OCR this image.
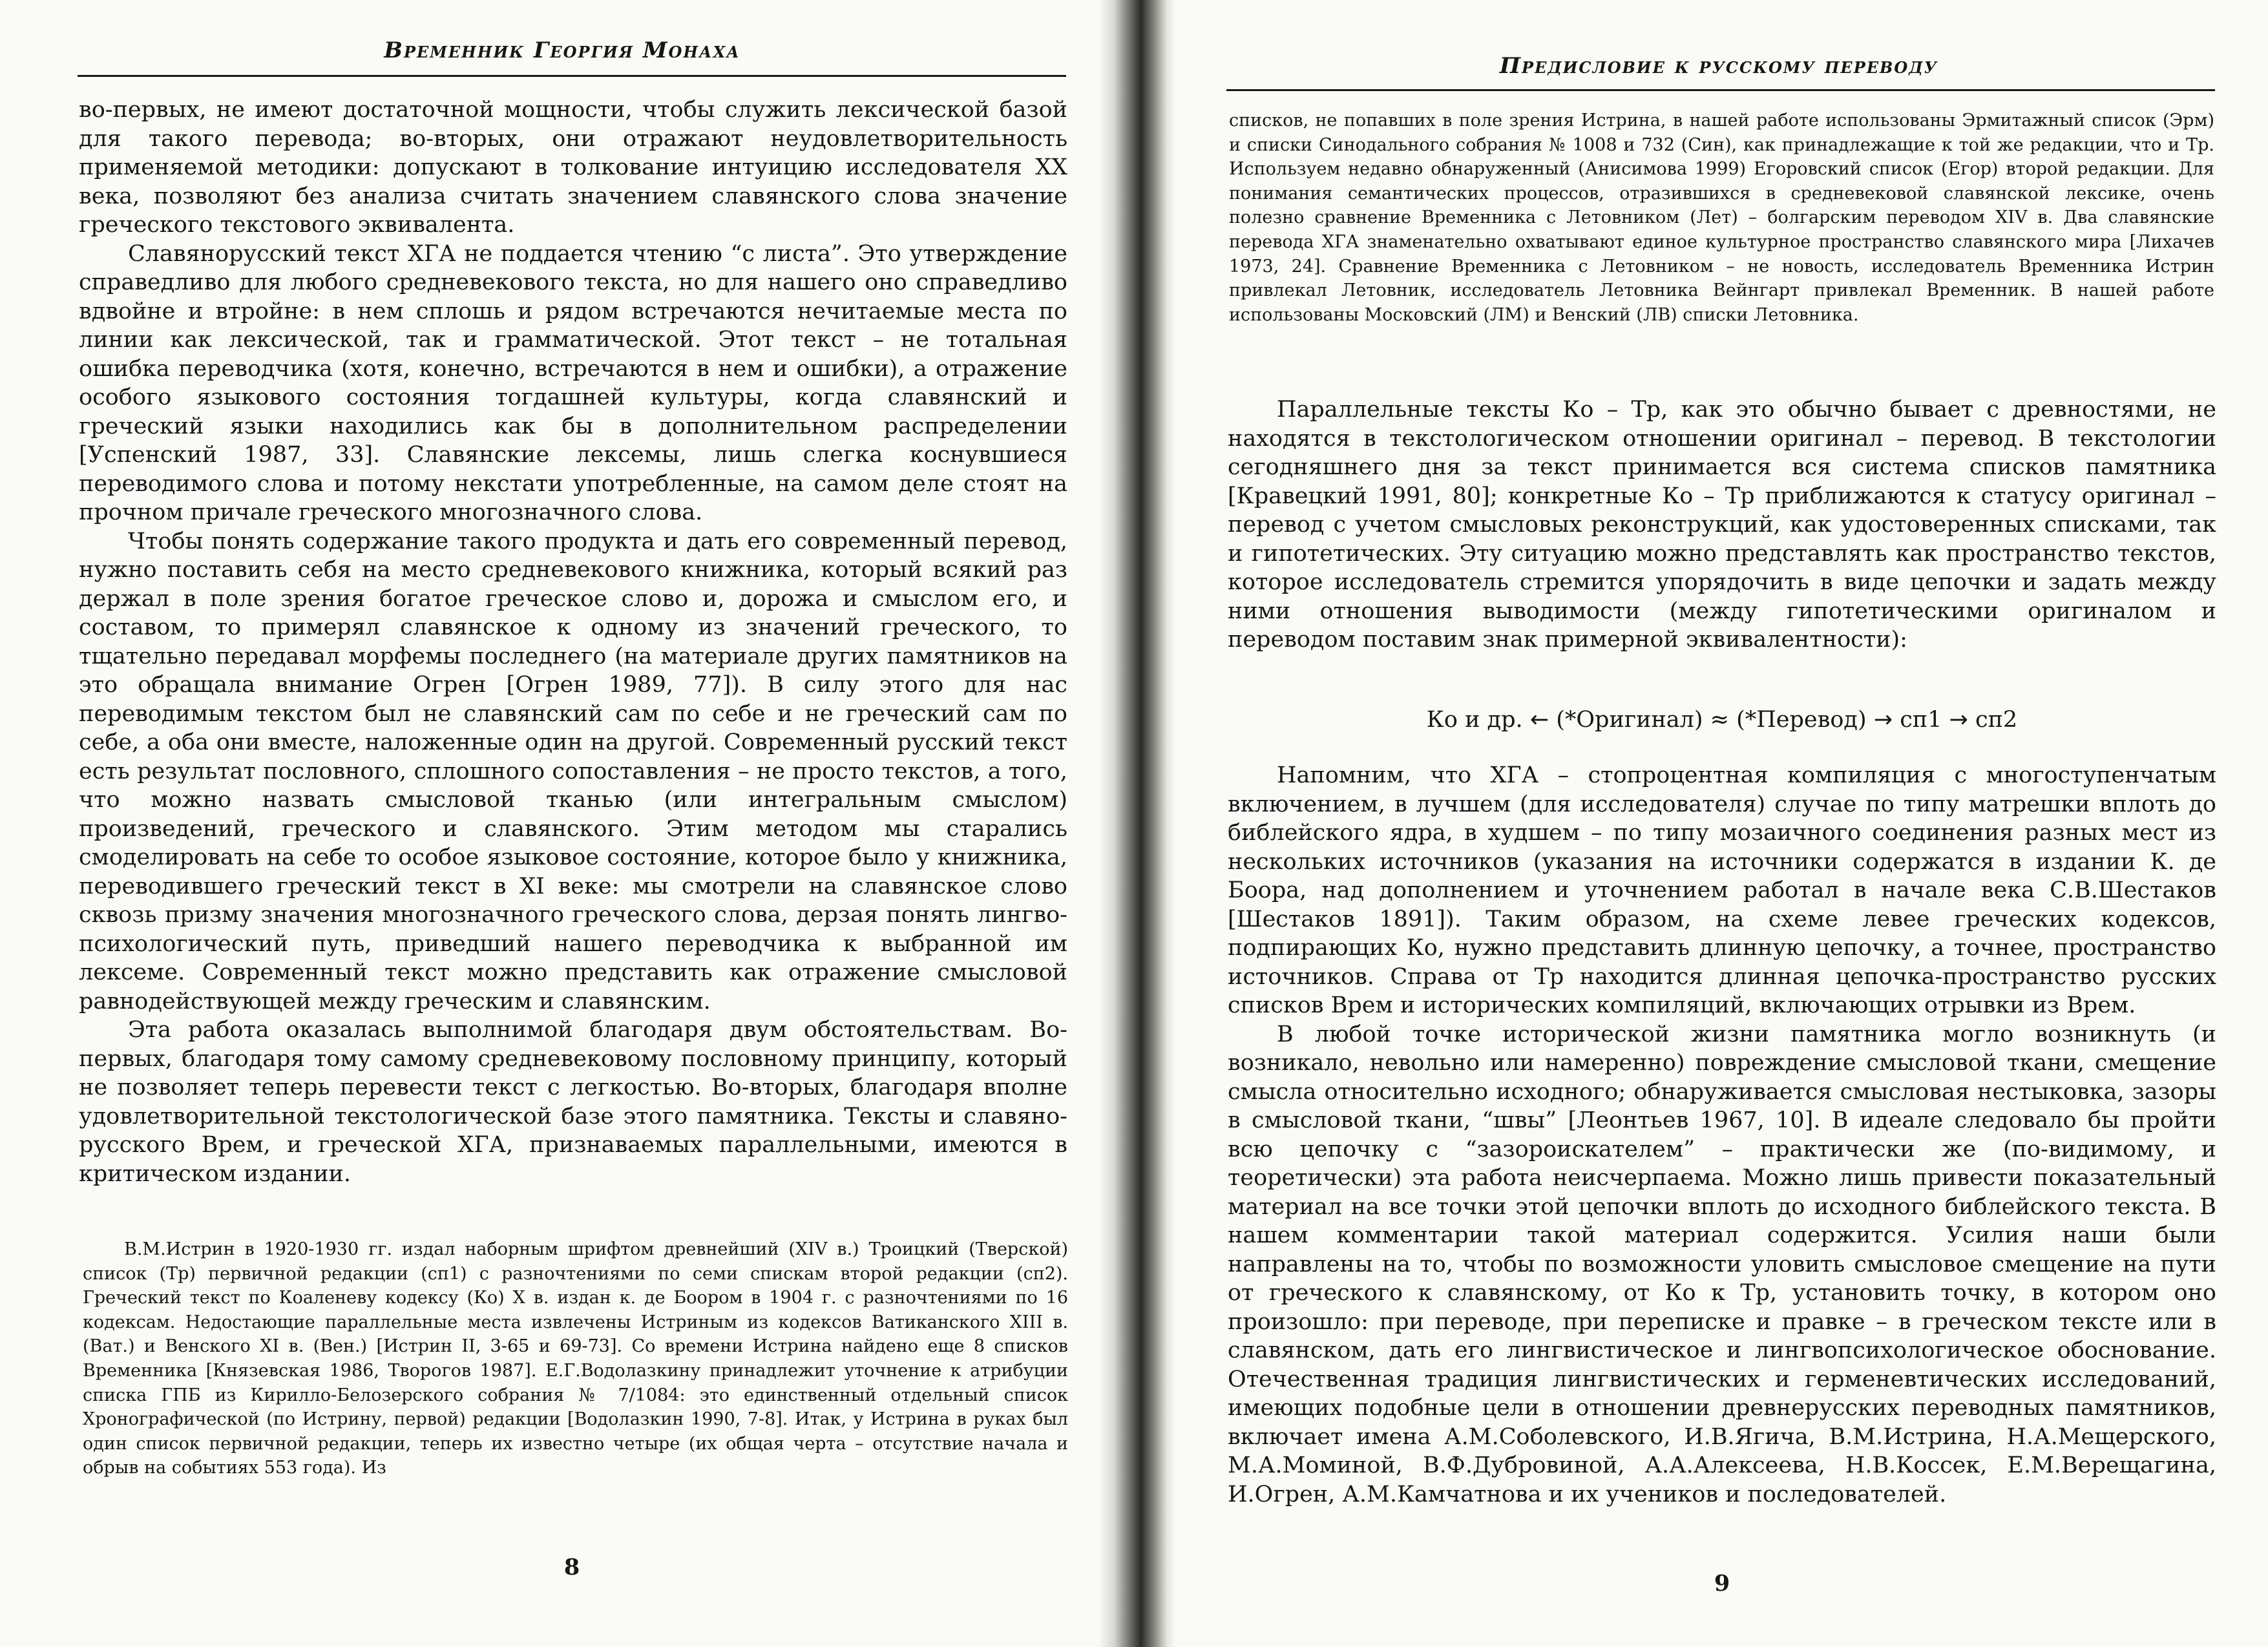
Временник Георгия Монаха

во-первых, не имеют достаточной мощности, чтобы служить лексической базой для такого перевода; во-вторых, они отражают неудовлетворительность применяемой методики: допускают в толкование интуицию исследователя XX века, позволяют без анализа считать значением славянского слова значение греческого текстового эквивалента.

Славянорусский текст ХГА не поддается чтению “с листа”. Это утверждение справедливо для любого средневекового текста, но для нашего оно справедливо вдвойне и втройне: в нем сплошь и рядом встречаются нечитаемые места по линии как лексической, так и грамматической. Этот текст – не тотальная ошибка переводчика (хотя, конечно, встречаются в нем и ошибки), а отражение особого языкового состояния тогдашней культуры, когда славянский и греческий языки находились как бы в дополнительном распределении [Успенский 1987, 33]. Славянские лексемы, лишь слегка коснувшиеся переводимого слова и потому некстати употребленные, на самом деле стоят на прочном причале греческого многозначного слова.

Чтобы понять содержание такого продукта и дать его современный перевод, нужно поставить себя на место средневекового книжника, который всякий раз держал в поле зрения богатое греческое слово и, дорожа и смыслом его, и составом, то примерял славянское к одному из значений греческого, то тщательно передавал морфемы последнего (на материале других памятников на это обращала внимание Огрен [Огрен 1989, 77]). В силу этого для нас переводимым текстом был не славянский сам по себе и не греческий сам по себе, а оба они вместе, наложенные один на другой. Современный русский текст есть результат пословного, сплошного сопоставления – не просто текстов, а того, что можно назвать смысловой тканью (или интегральным смыслом) произведений, греческого и славянского. Этим методом мы старались смоделировать на себе то особое языковое состояние, которое было у книжника, переводившего греческий текст в XI веке: мы смотрели на славянское слово сквозь призму значения многозначного греческого слова, дерзая понять лингво-психологический путь, приведший нашего переводчика к выбранной им лексеме. Современный текст можно представить как отражение смысловой равнодействующей между греческим и славянским.

Эта работа оказалась выполнимой благодаря двум обстоятельствам. Во-первых, благодаря тому самому средневековому пословному принципу, который не позволяет теперь перевести текст с легкостью. Во-вторых, благодаря вполне удовлетворительной текстологической базе этого памятника. Тексты и славяно-русского Врем, и греческой ХГА, признаваемых параллельными, имеются в критическом издании.

В.М.Истрин в 1920-1930 гг. издал наборным шрифтом древнейший (XIV в.) Троицкий (Тверской) список (Тр) первичной редакции (сп1) с разночтениями по семи спискам второй редакции (сп2). Греческий текст по Коаленеву кодексу (Ко) X в. издан к. де Боором в 1904 г. с разночтениями по 16 кодексам. Недостающие параллельные места извлечены Истриным из кодексов Ватиканского XIII в. (Ват.) и Венского XI в. (Вен.) [Истрин II, 3-65 и 69-73]. Со времени Истрина найдено еще 8 списков Временника [Князевская 1986, Творогов 1987]. Е.Г.Водолазкину принадлежит уточнение к атрибуции списка ГПБ из Кирилло-Белозерского собрания № 7/1084: это единственный отдельный список Хронографической (по Истрину, первой) редакции [Водолазкин 1990, 7-8]. Итак, у Истрина в руках был один список первичной редакции, теперь их известно четыре (их общая черта – отсутствие начала и обрыв на событиях 553 года). Из

8
Предисловие к русскому переводу

списков, не попавших в поле зрения Истрина, в нашей работе использованы Эрмитажный список (Эрм) и списки Синодального собрания № 1008 и 732 (Син), как принадлежащие к той же редакции, что и Тр. Используем недавно обнаруженный (Анисимова 1999) Егоровский список (Егор) второй редакции. Для понимания семантических процессов, отразившихся в средневековой славянской лексике, очень полезно сравнение Временника с Летовником (Лет) – болгарским переводом XIV в. Два славянские перевода ХГА знаменательно охватывают единое культурное пространство славянского мира [Лихачев 1973, 24]. Сравнение Временника с Летовником – не новость, исследователь Временника Истрин привлекал Летовник, исследователь Летовника Вейнгарт привлекал Временник. В нашей работе использованы Московский (ЛМ) и Венский (ЛВ) списки Летовника.

Параллельные тексты Ко – Тр, как это обычно бывает с древностями, не находятся в текстологическом отношении оригинал – перевод. В текстологии сегодняшнего дня за текст принимается вся система списков памятника [Кравецкий 1991, 80]; конкретные Ко – Тр приближаются к статусу оригинал – перевод с учетом смысловых реконструкций, как удостоверенных списками, так и гипотетических. Эту ситуацию можно представлять как пространство текстов, которое исследователь стремится упорядочить в виде цепочки и задать между ними отношения выводимости (между гипотетическими оригиналом и переводом поставим знак примерной эквивалентности):

Ко и др. ← (*Оригинал) ≈ (*Перевод) → сп1 → сп2

Напомним, что ХГА – стопроцентная компиляция с многоступенчатым включением, в лучшем (для исследователя) случае по типу матрешки вплоть до библейского ядра, в худшем – по типу мозаичного соединения разных мест из нескольких источников (указания на источники содержатся в издании К. де Боора, над дополнением и уточнением работал в начале века С.В.Шестаков [Шестаков 1891]). Таким образом, на схеме левее греческих кодексов, подпирающих Ко, нужно представить длинную цепочку, а точнее, пространство источников. Справа от Тр находится длинная цепочка-пространство русских списков Врем и исторических компиляций, включающих отрывки из Врем.

В любой точке исторической жизни памятника могло возникнуть (и возникало, невольно или намеренно) повреждение смысловой ткани, смещение смысла относительно исходного; обнаруживается смысловая нестыковка, зазоры в смысловой ткани, “швы” [Леонтьев 1967, 10]. В идеале следовало бы пройти всю цепочку с “зазороискателем” – практически же (по-видимому, и теоретически) эта работа неисчерпаема. Можно лишь привести показательный материал на все точки этой цепочки вплоть до исходного библейского текста. В нашем комментарии такой материал содержится. Усилия наши были направлены на то, чтобы по возможности уловить смысловое смещение на пути от греческого к славянскому, от Ко к Тр, установить точку, в котором оно произошло: при переводе, при переписке и правке – в греческом тексте или в славянском, дать его лингвистическое и лингвопсихологическое обоснование. Отечественная традиция лингвистических и герменевтических исследований, имеющих подобные цели в отношении древнерусских переводных памятников, включает имена А.М.Соболевского, И.В.Ягича, В.М.Истрина, Н.А.Мещерского, М.А.Моминой, В.Ф.Дубровиной, А.А.Алексеева, Н.В.Коссек, Е.М.Верещагина, И.Огрен, А.М.Камчатнова и их учеников и последователей.

9
